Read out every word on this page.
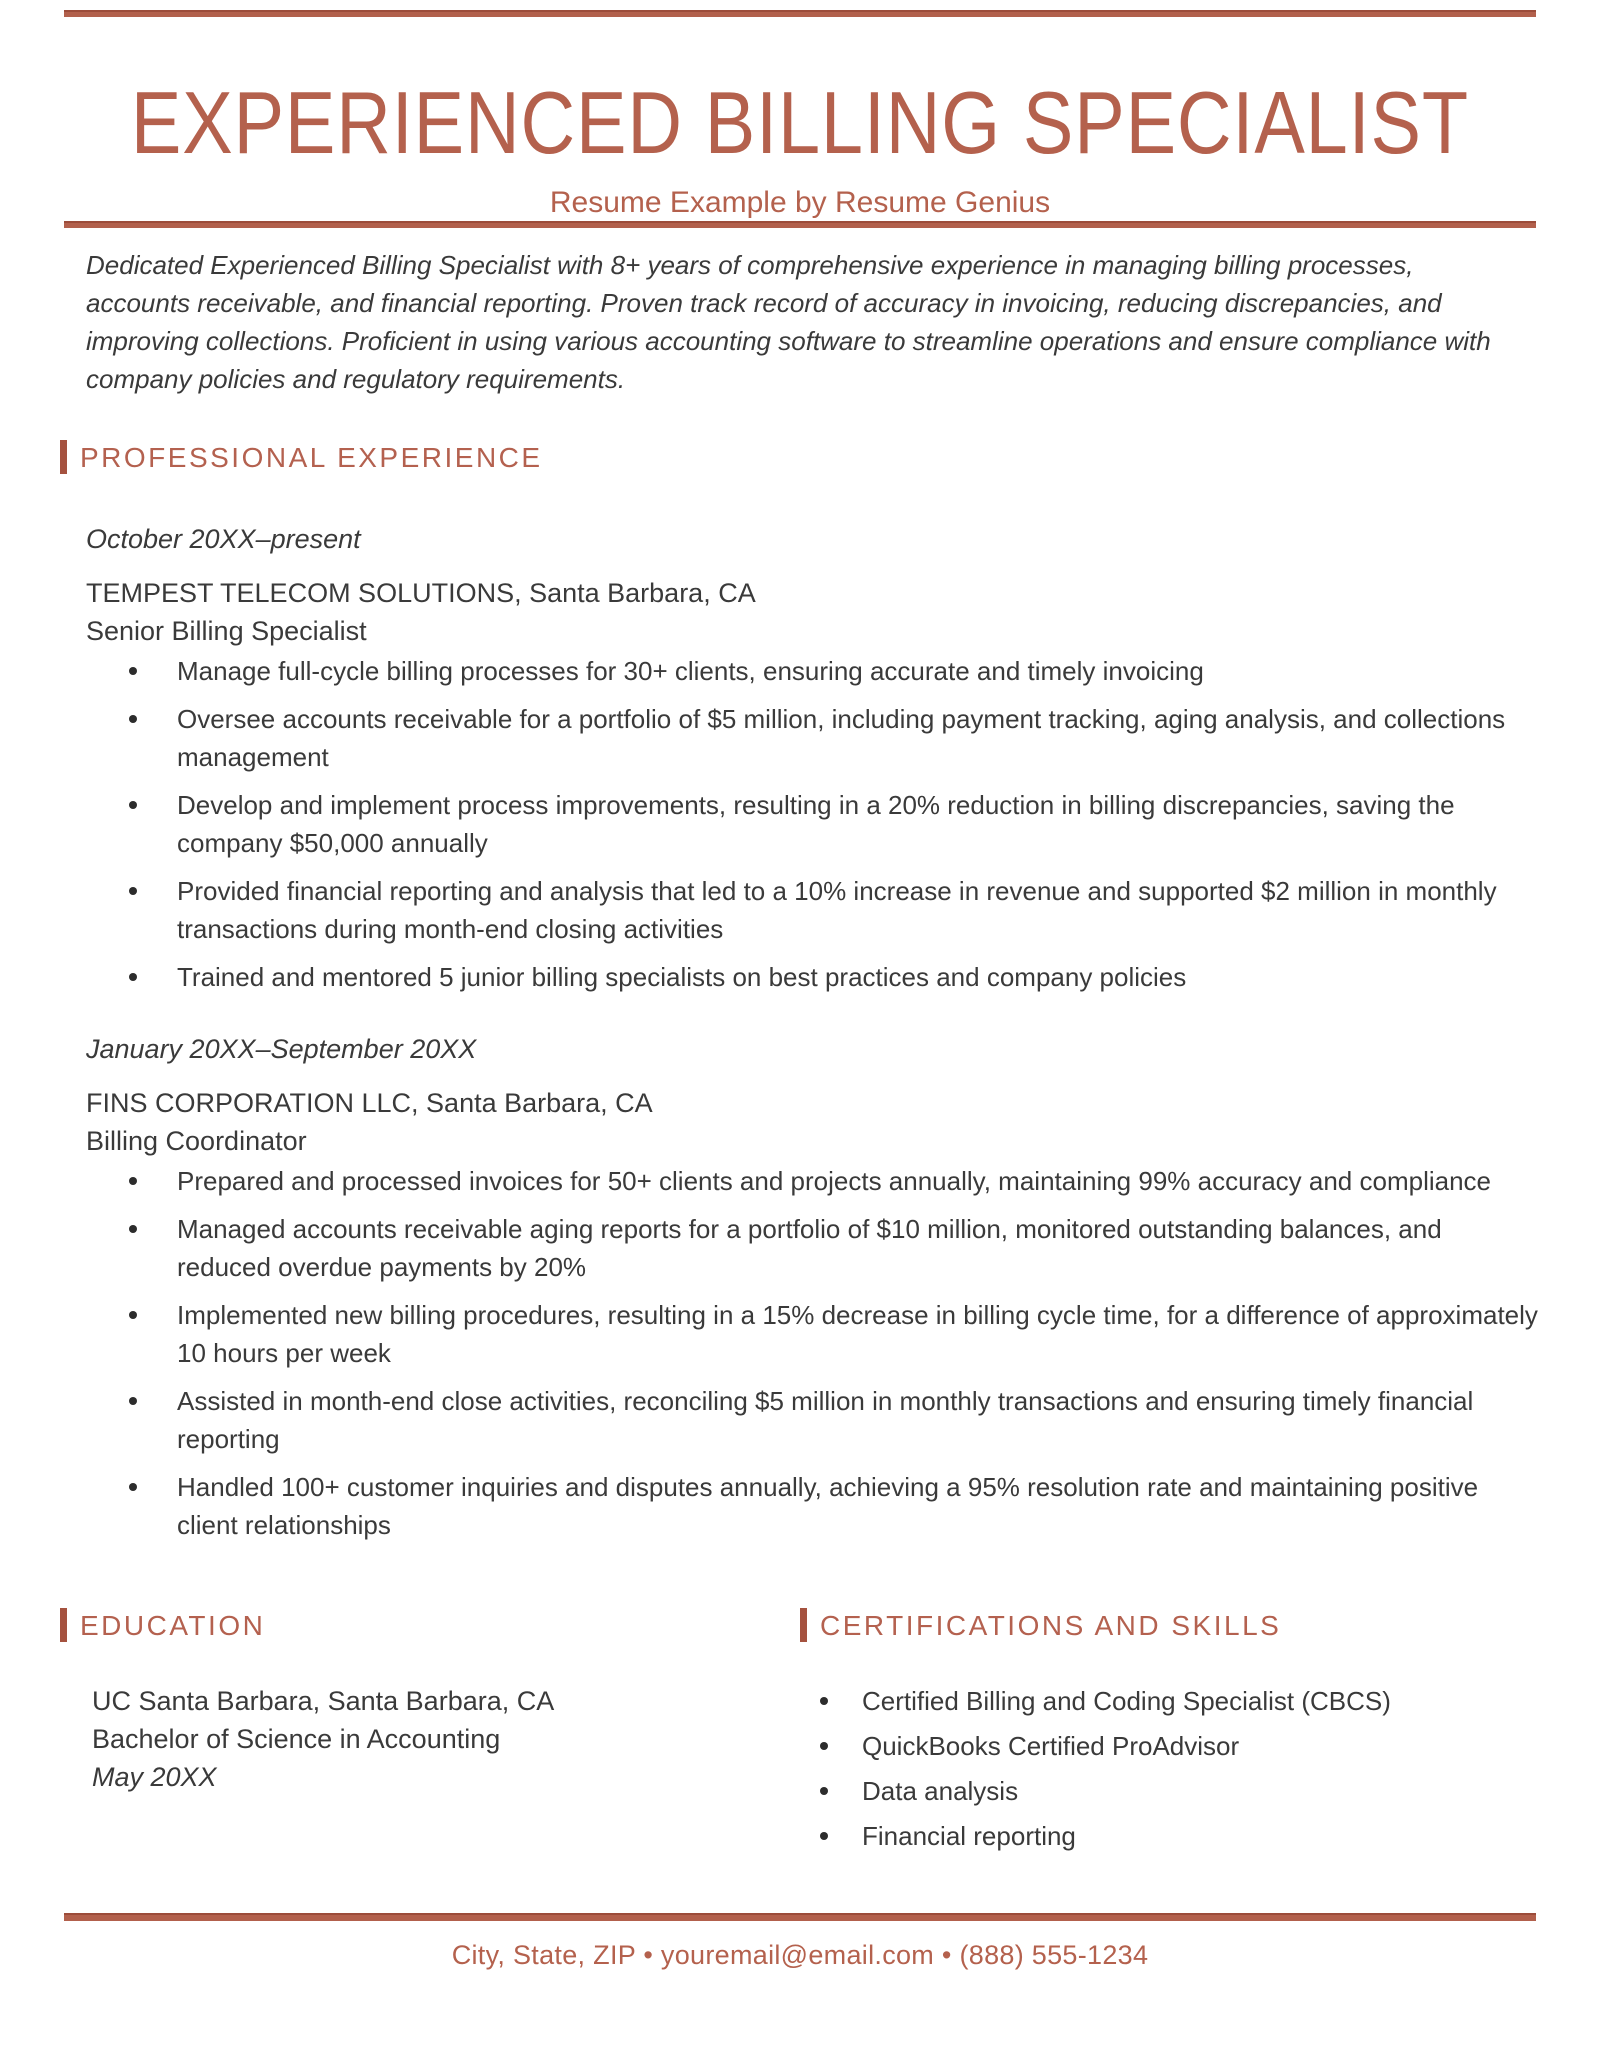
EXPERIENCED BILLING SPECIALIST
Resume Example by Resume Genius

Dedicated Experienced Billing Specialist with 8+ years of comprehensive experience in managing billing processes, accounts receivable, and financial reporting. Proven track record of accuracy in invoicing, reducing discrepancies, and improving collections. Proficient in using various accounting software to streamline operations and ensure compliance with company policies and regulatory requirements.

PROFESSIONAL EXPERIENCE
October 20XX–present
TEMPEST TELECOM SOLUTIONS, Santa Barbara, CA
Senior Billing Specialist
Manage full-cycle billing processes for 30+ clients, ensuring accurate and timely invoicing
Oversee accounts receivable for a portfolio of $5 million, including payment tracking, aging analysis, and collections management
Develop and implement process improvements, resulting in a 20% reduction in billing discrepancies, saving the company $50,000 annually
Provided financial reporting and analysis that led to a 10% increase in revenue and supported $2 million in monthly transactions during month-end closing activities
Trained and mentored 5 junior billing specialists on best practices and company policies
January 20XX–September 20XX
FINS CORPORATION LLC, Santa Barbara, CA
Billing Coordinator
Prepared and processed invoices for 50+ clients and projects annually, maintaining 99% accuracy and compliance
Managed accounts receivable aging reports for a portfolio of $10 million, monitored outstanding balances, and reduced overdue payments by 20%
Implemented new billing procedures, resulting in a 15% decrease in billing cycle time, for a difference of approximately 10 hours per week
Assisted in month-end close activities, reconciling $5 million in monthly transactions and ensuring timely financial reporting
Handled 100+ customer inquiries and disputes annually, achieving a 95% resolution rate and maintaining positive client relationships
EDUCATION
UC Santa Barbara, Santa Barbara, CA
Bachelor of Science in Accounting
May 20XX
CERTIFICATIONS AND SKILLS
Certified Billing and Coding Specialist (CBCS)
QuickBooks Certified ProAdvisor
Data analysis
Financial reporting
City, State, ZIP • youremail@email.com • (888) 555-1234
